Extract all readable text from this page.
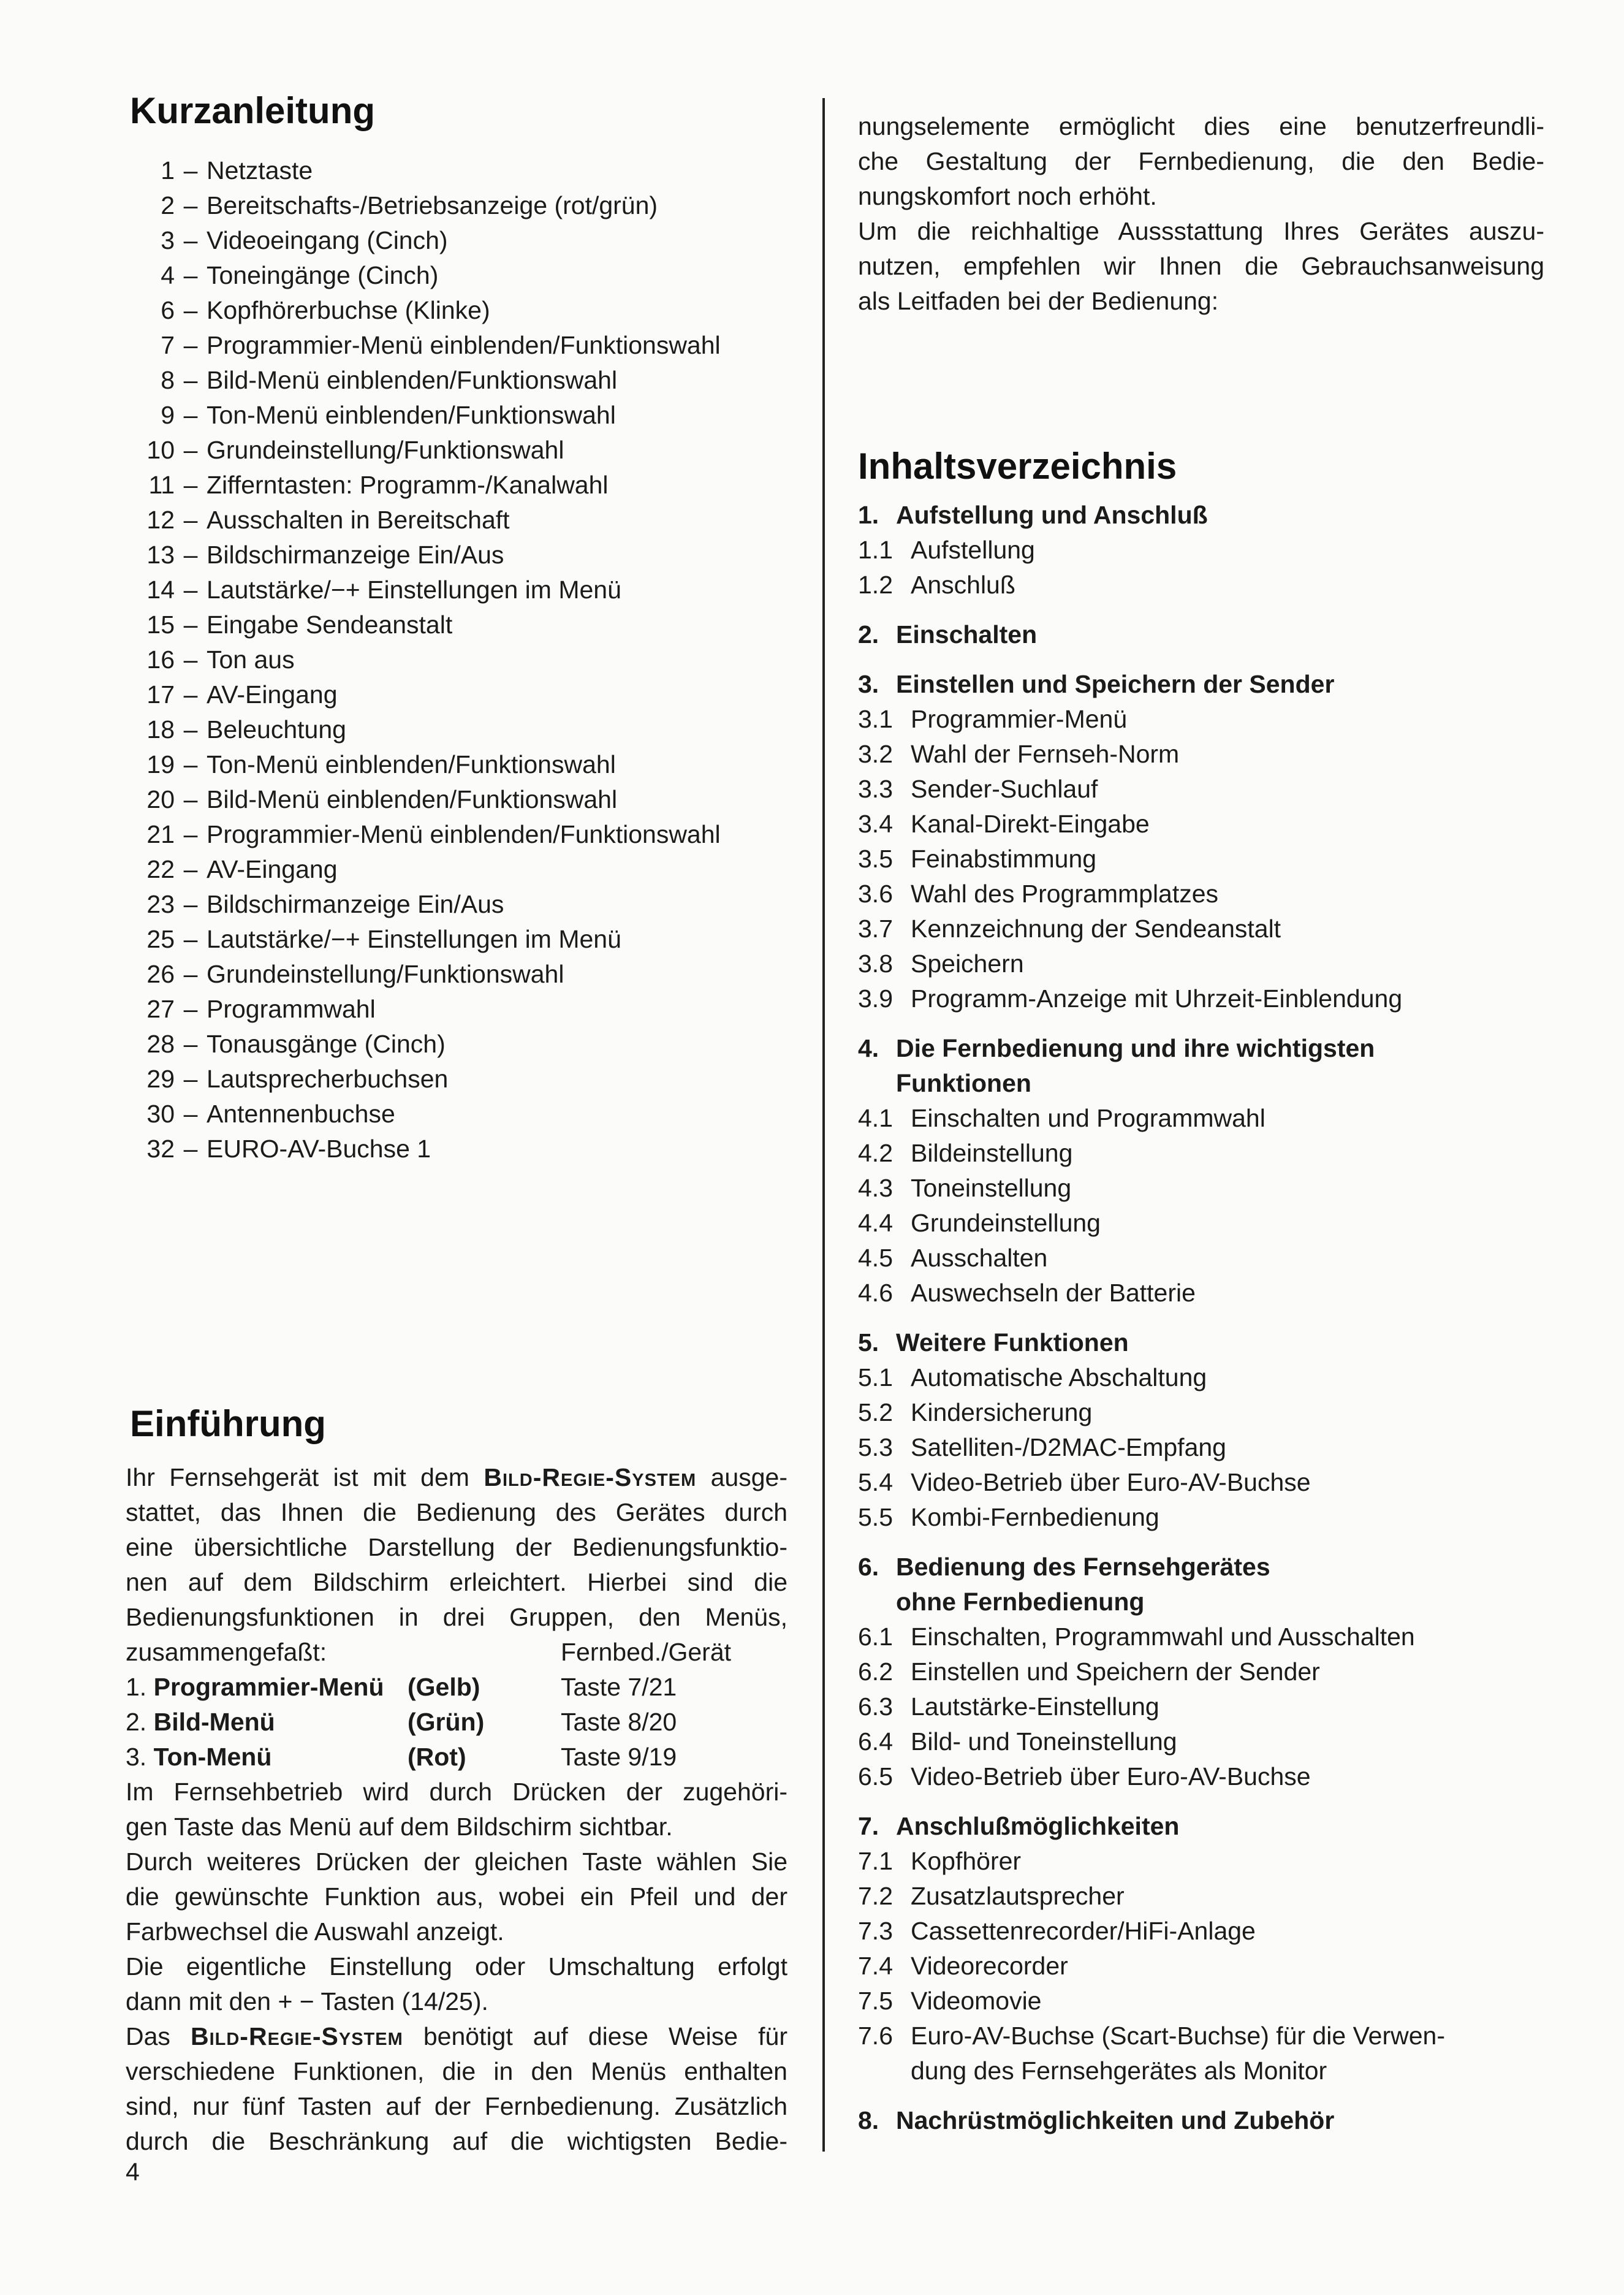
Kurzanleitung
1 – Netztaste
2 – Bereitschafts-/Betriebsanzeige (rot/grün)
3 – Videoeingang (Cinch)
4 – Toneingänge (Cinch)
6 – Kopfhörerbuchse (Klinke)
7 – Programmier-Menü einblenden/Funktionswahl
8 – Bild-Menü einblenden/Funktionswahl
9 – Ton-Menü einblenden/Funktionswahl
10 – Grundeinstellung/Funktionswahl
11 – Zifferntasten: Programm-/Kanalwahl
12 – Ausschalten in Bereitschaft
13 – Bildschirmanzeige Ein/Aus
14 – Lautstärke/−+ Einstellungen im Menü
15 – Eingabe Sendeanstalt
16 – Ton aus
17 – AV-Eingang
18 – Beleuchtung
19 – Ton-Menü einblenden/Funktionswahl
20 – Bild-Menü einblenden/Funktionswahl
21 – Programmier-Menü einblenden/Funktionswahl
22 – AV-Eingang
23 – Bildschirmanzeige Ein/Aus
25 – Lautstärke/−+ Einstellungen im Menü
26 – Grundeinstellung/Funktionswahl
27 – Programmwahl
28 – Tonausgänge (Cinch)
29 – Lautsprecherbuchsen
30 – Antennenbuchse
32 – EURO-AV-Buchse 1
Einführung

Ihr Fernsehgerät ist mit dem Bild-Regie-System ausge-

stattet, das Ihnen die Bedienung des Gerätes durch

eine übersichtliche Darstellung der Bedienungsfunktio-

nen auf dem Bildschirm erleichtert. Hierbei sind die

Bedienungsfunktionen in drei Gruppen, den Menüs,

zusammengefaßt:	Fernbed./Gerät

1. Programmier-Menü (Gelb)	Taste 7/21

2. Bild-Menü	(Grün)	Taste 8/20

3. Ton-Menü	(Rot)	Taste 9/19

Im Fernsehbetrieb wird durch Drücken der zugehöri-

gen Taste das Menü auf dem Bildschirm sichtbar.

Durch weiteres Drücken der gleichen Taste wählen Sie

die gewünschte Funktion aus, wobei ein Pfeil und der

Farbwechsel die Auswahl anzeigt.

Die eigentliche Einstellung oder Umschaltung erfolgt

dann mit den + − Tasten (14/25).

Das Bild-Regie-System benötigt auf diese Weise für

verschiedene Funktionen, die in den Menüs enthalten

sind, nur fünf Tasten auf der Fernbedienung. Zusätzlich

durch die Beschränkung auf die wichtigsten Bedie-

nungselemente ermöglicht dies eine benutzerfreundli-

che Gestaltung der Fernbedienung, die den Bedie-

nungskomfort noch erhöht.

Um die reichhaltige Aussstattung Ihres Gerätes auszu-

nutzen, empfehlen wir Ihnen die Gebrauchsanweisung

als Leitfaden bei der Bedienung:

Inhaltsverzeichnis

1. Aufstellung und Anschluß

1.1 Aufstellung

1.2 Anschluß

2. Einschalten

3. Einstellen und Speichern der Sender

3.1 Programmier-Menü

3.2 Wahl der Fernseh-Norm

3.3 Sender-Suchlauf

3.4 Kanal-Direkt-Eingabe

3.5 Feinabstimmung

3.6 Wahl des Programmplatzes

3.7 Kennzeichnung der Sendeanstalt

3.8 Speichern

3.9 Programm-Anzeige mit Uhrzeit-Einblendung

4. Die Fernbedienung und ihre wichtigsten
Funktionen

4.1 Einschalten und Programmwahl

4.2 Bildeinstellung

4.3 Toneinstellung

4.4 Grundeinstellung

4.5 Ausschalten

4.6 Auswechseln der Batterie

5. Weitere Funktionen

5.1 Automatische Abschaltung

5.2 Kindersicherung

5.3 Satelliten-/D2MAC-Empfang

5.4 Video-Betrieb über Euro-AV-Buchse

5.5 Kombi-Fernbedienung

6. Bedienung des Fernsehgerätes
ohne Fernbedienung

6.1 Einschalten, Programmwahl und Ausschalten

6.2 Einstellen und Speichern der Sender

6.3 Lautstärke-Einstellung

6.4 Bild- und Toneinstellung

6.5 Video-Betrieb über Euro-AV-Buchse

7. Anschlußmöglichkeiten

7.1 Kopfhörer

7.2 Zusatzlautsprecher

7.3 Cassettenrecorder/HiFi-Anlage

7.4 Videorecorder

7.5 Videomovie

7.6 Euro-AV-Buchse (Scart-Buchse) für die Verwen-
dung des Fernsehgerätes als Monitor

8. Nachrüstmöglichkeiten und Zubehör

4
